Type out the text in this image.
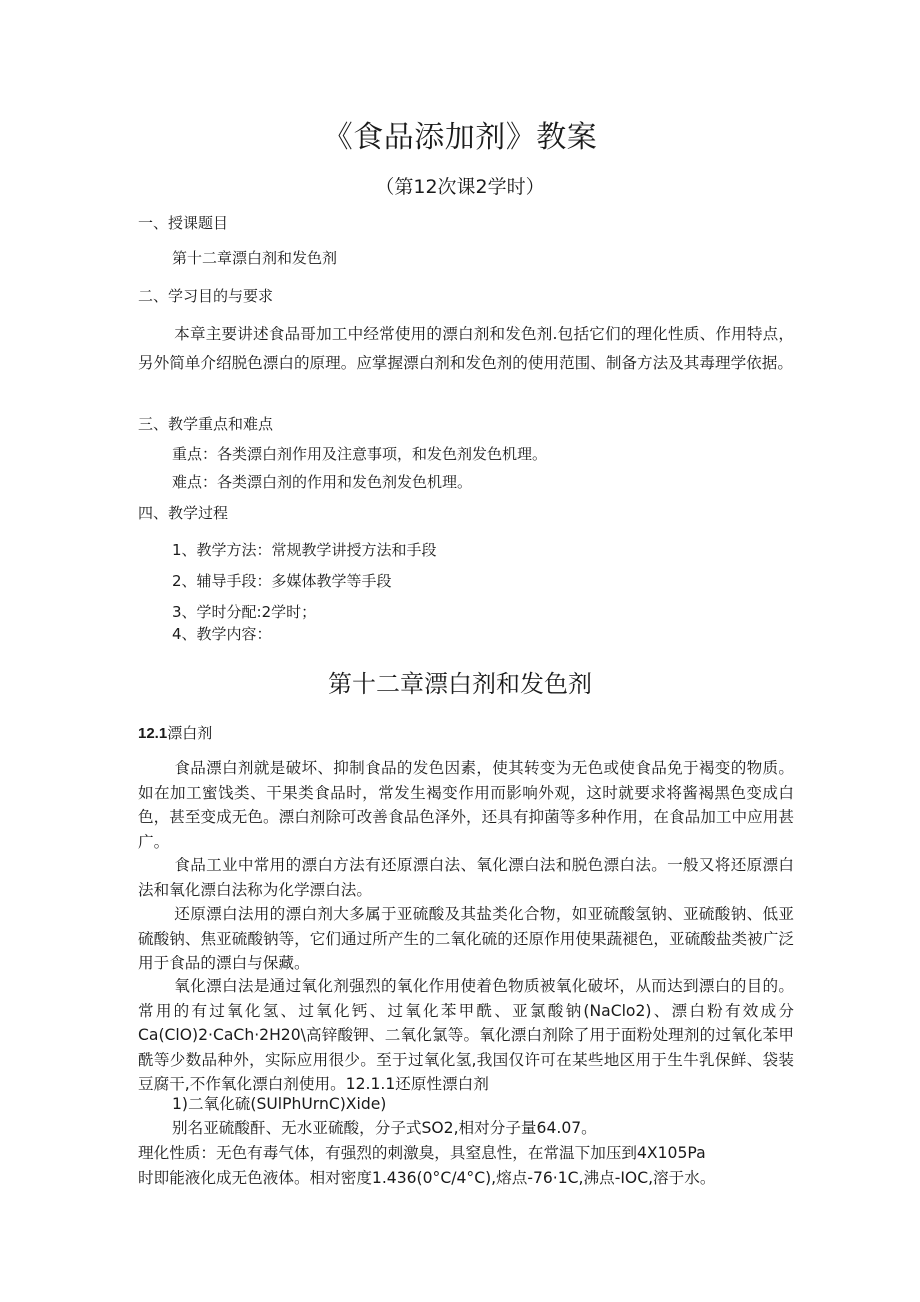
《食品添加剂》教案
（第12次课2学时）
一、授课题目
第十二章漂白剂和发色剂
二、学习目的与要求
本章主要讲述食品哥加工中经常使用的漂白剂和发色剂.包括它们的理化性质、作用特点，另外简单介绍脱色漂白的原理。应掌握漂白剂和发色剂的使用范围、制备方法及其毒理学依据。
三、教学重点和难点
重点：各类漂白剂作用及注意事项，和发色剂发色机理。
难点：各类漂白剂的作用和发色剂发色机理。
四、教学过程
1、教学方法：常规教学讲授方法和手段
2、辅导手段：多媒体教学等手段
3、学时分配:2学时；
4、教学内容：
第十二章漂白剂和发色剂
12.1漂白剂
食品漂白剂就是破坏、抑制食品的发色因素，使其转变为无色或使食品免于褐变的物质。如在加工蜜饯类、干果类食品时，常发生褐变作用而影响外观，这时就要求将酱褐黑色变成白色，甚至变成无色。漂白剂除可改善食品色泽外，还具有抑菌等多种作用，在食品加工中应用甚广。
食品工业中常用的漂白方法有还原漂白法、氧化漂白法和脱色漂白法。一般又将还原漂白法和氧化漂白法称为化学漂白法。
还原漂白法用的漂白剂大多属于亚硫酸及其盐类化合物，如亚硫酸氢钠、亚硫酸钠、低亚硫酸钠、焦亚硫酸钠等，它们通过所产生的二氧化硫的还原作用使果蔬褪色，亚硫酸盐类被广泛用于食品的漂白与保藏。
氧化漂白法是通过氧化剂强烈的氧化作用使着色物质被氧化破坏，从而达到漂白的目的。常用的有过氧化氢、过氧化钙、过氧化苯甲酰、亚氯酸钠(NaClo2)、漂白粉有效成分Ca(ClO)2·CaCh·2H20\高锌酸钾、二氧化氯等。氧化漂白剂除了用于面粉处理剂的过氧化苯甲酰等少数品种外，实际应用很少。至于过氧化氢,我国仅许可在某些地区用于生牛乳保鲜、袋装豆腐干,不作氧化漂白剂使用。12.1.1还原性漂白剂
1)二氧化硫(SUlPhUrnC)Xide)
别名亚硫酸酐、无水亚硫酸，分子式SO2,相对分子量64.07。
理化性质：无色有毒气体，有强烈的刺激臭，具窒息性，在常温下加压到4X105Pa
时即能液化成无色液体。相对密度1.436(0°C/4°C),熔点-76·1C,沸点-IOC,溶于水。
